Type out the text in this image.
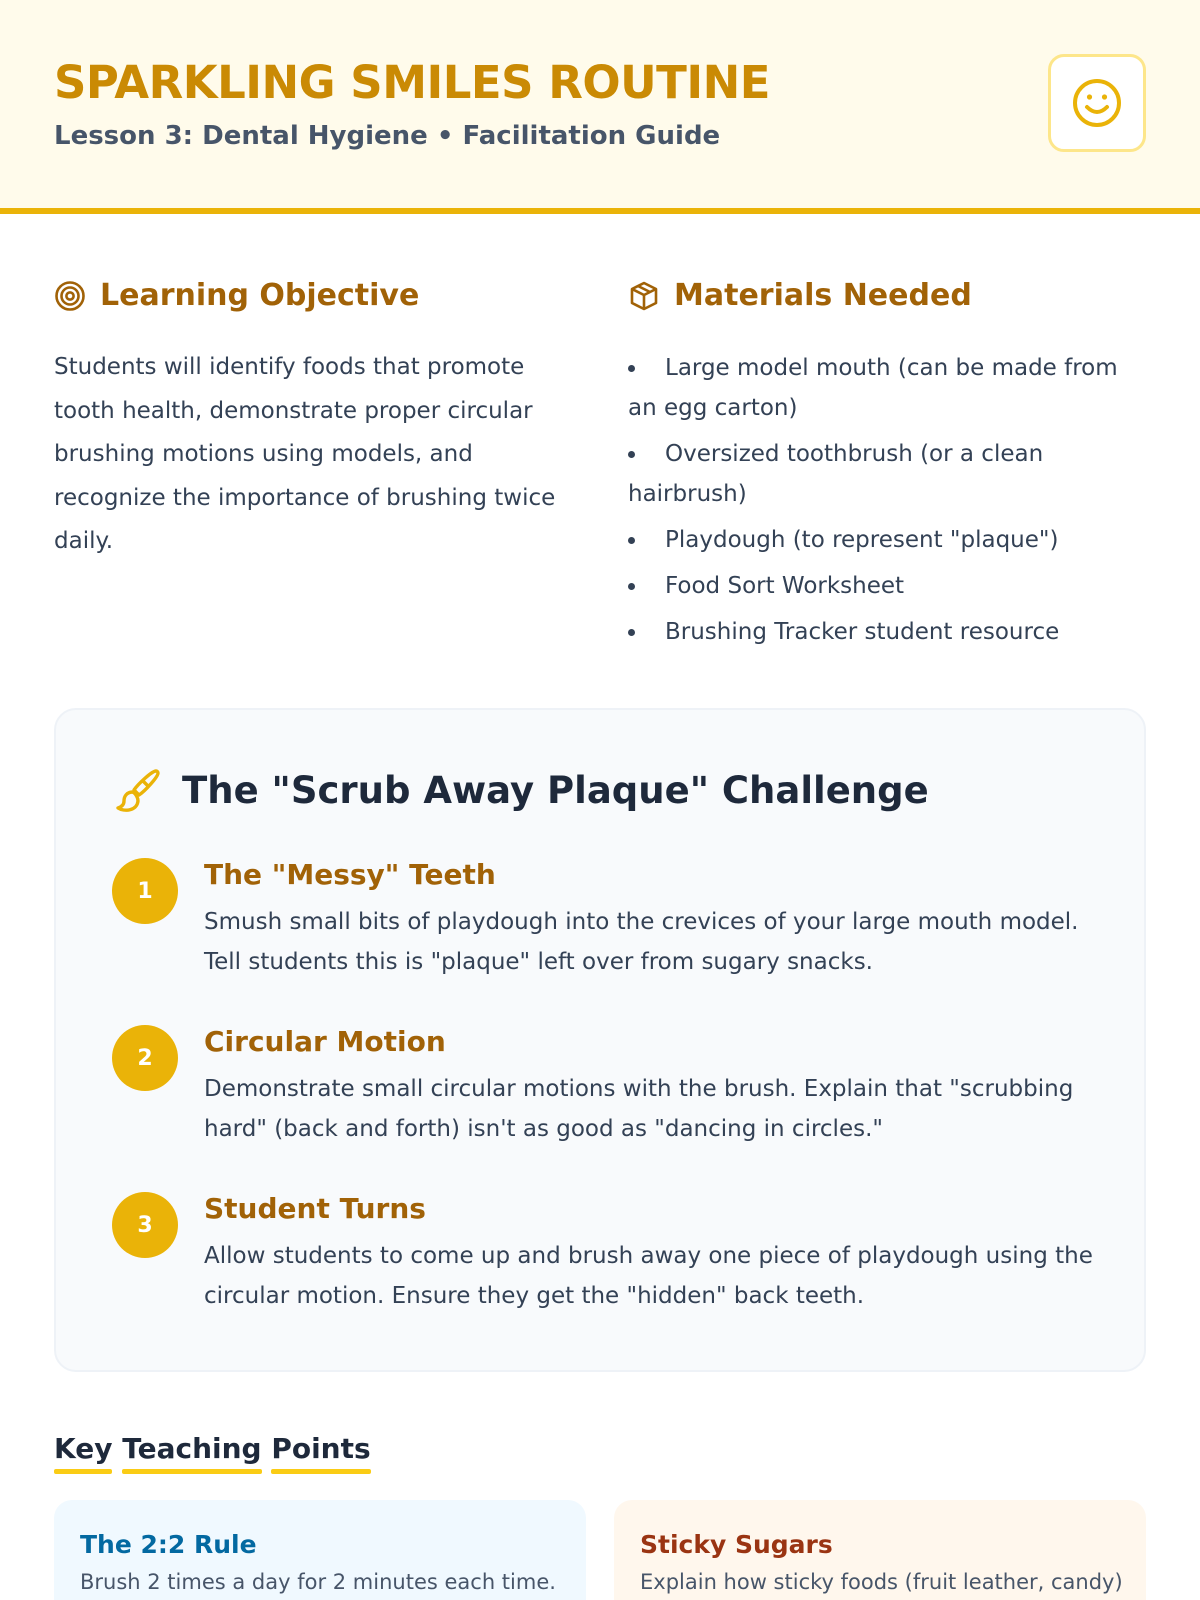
SPARKLING SMILES ROUTINE
Lesson 3: Dental Hygiene • Facilitation Guide
Learning Objective
Students will identify foods that promote tooth health, demonstrate proper circular brushing motions using models, and recognize the importance of brushing twice daily.
Materials Needed
Large model mouth (can be made from an egg carton)
Oversized toothbrush (or a clean hairbrush)
Playdough (to represent "plaque")
Food Sort Worksheet
Brushing Tracker student resource
The "Scrub Away Plaque" Challenge
1	The "Messy" Teeth
Smush small bits of playdough into the crevices of your large mouth model. Tell students this is "plaque" left over from sugary snacks.
2	Circular Motion
Demonstrate small circular motions with the brush. Explain that "scrubbing hard" (back and forth) isn't as good as "dancing in circles."
3	Student Turns
Allow students to come up and brush away one piece of playdough using the circular motion. Ensure they get the "hidden" back teeth.
Key Teaching Points
The 2:2 Rule
Brush 2 times a day for 2 minutes each time.
Sticky Sugars
Explain how sticky foods (fruit leather, candy)
